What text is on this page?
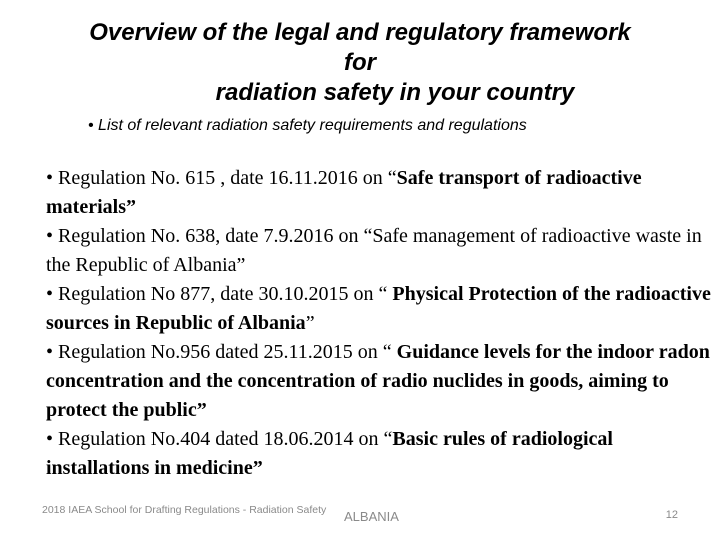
Overview of the legal and regulatory framework
for
radiation safety in your country
• List of relevant radiation safety requirements and regulations

• Regulation No. 615 , date 16.11.2016 on “Safe transport of radioactive materials”

• Regulation No. 638, date 7.9.2016 on “Safe management of radioactive waste in the Republic of Albania”

• Regulation No 877, date 30.10.2015 on “ Physical Protection of the radioactive sources in Republic of Albania”

• Regulation No.956 dated 25.11.2015 on “ Guidance levels for the indoor radon concentration and the concentration of radio nuclides in goods, aiming to protect the public”

• Regulation No.404 dated 18.06.2014 on “Basic rules of radiological installations in medicine”

2018 IAEA School for Drafting Regulations - Radiation Safety	ALBANIA	12
